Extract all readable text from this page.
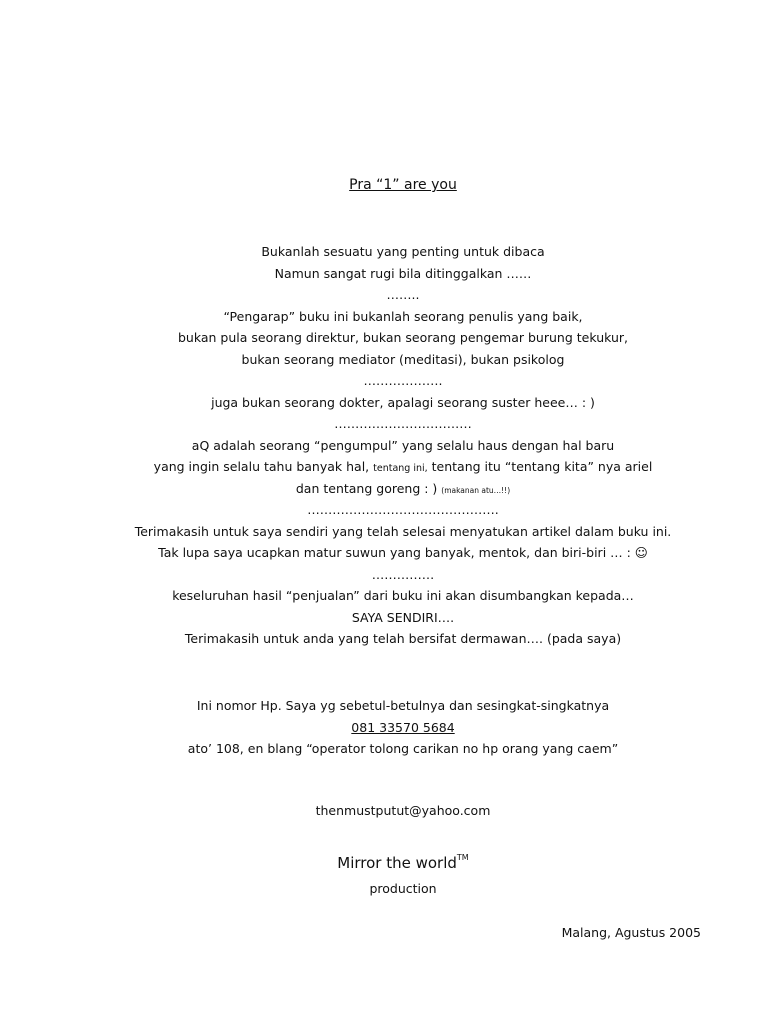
Pra “1” are you
Bukanlah sesuatu yang penting untuk dibaca
Namun sangat rugi bila ditinggalkan ……
……..
“Pengarap” buku ini bukanlah seorang penulis yang baik,
bukan pula seorang direktur, bukan seorang pengemar burung tekukur,
bukan seorang mediator (meditasi), bukan psikolog
……………….
juga bukan seorang dokter, apalagi seorang suster heee… : )
……………………………
aQ adalah seorang “pengumpul” yang selalu haus dengan hal baru
yang ingin selalu tahu banyak hal, tentang ini, tentang itu “tentang kita” nya ariel
dan tentang goreng : ) (makanan atu…!!)
……………………………………….
Terimakasih untuk saya sendiri yang telah selesai menyatukan artikel dalam buku ini.
Tak lupa saya ucapkan matur suwun yang banyak, mentok, dan biri-biri … : ☺
……………
keseluruhan hasil “penjualan” dari buku ini akan disumbangkan kepada…
SAYA SENDIRI….
Terimakasih untuk anda yang telah bersifat dermawan…. (pada saya)
Ini nomor Hp. Saya yg sebetul-betulnya dan sesingkat-singkatnya
081 33570 5684
ato’ 108, en blang “operator tolong carikan no hp orang yang caem”
thenmustputut@yahoo.com
Mirror the world™
production
Malang, Agustus 2005
